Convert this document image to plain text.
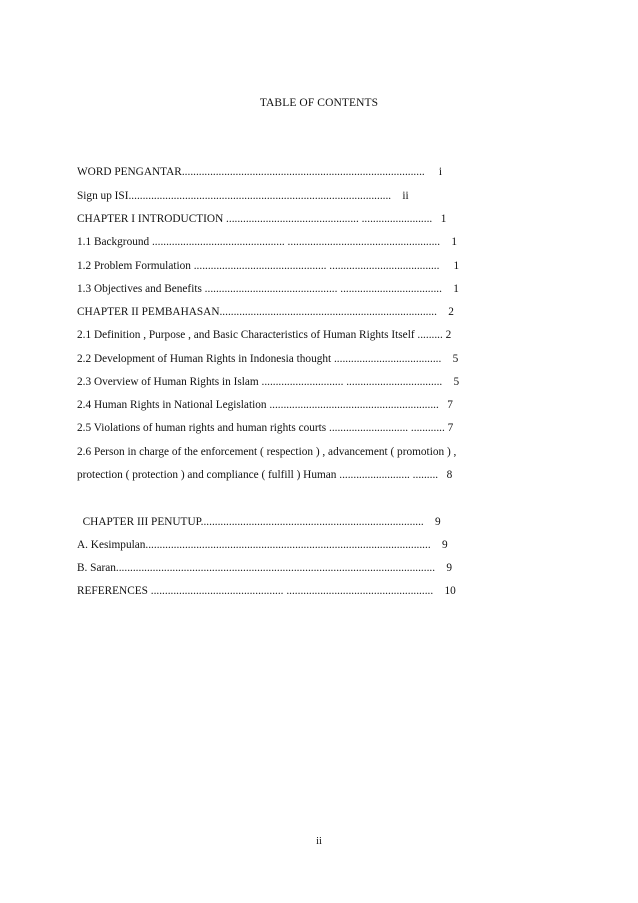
TABLE OF CONTENTS
WORD PENGANTAR......................................................................................     i
Sign up ISI.............................................................................................    ii
CHAPTER I INTRODUCTION ............................................... .........................   1
1.1 Background ............................................... ......................................................    1
1.2 Problem Formulation ............................................... .......................................     1
1.3 Objectives and Benefits ............................................... ....................................    1
CHAPTER II PEMBAHASAN.............................................................................    2
2.1 Definition , Purpose , and Basic Characteristics of Human Rights Itself ......... 2
2.2 Development of Human Rights in Indonesia thought ......................................    5
2.3 Overview of Human Rights in Islam ............................. ..................................    5
2.4 Human Rights in National Legislation ............................................................   7
2.5 Violations of human rights and human rights courts ............................ ............ 7
2.6 Person in charge of the enforcement ( respection ) , advancement ( promotion ) ,
protection ( protection ) and compliance ( fulfill ) Human ......................... .........   8
CHAPTER III PENUTUP...............................................................................    9
A. Kesimpulan.....................................................................................................    9
B. Saran.................................................................................................................    9
REFERENCES ............................................... ....................................................    10
ii
